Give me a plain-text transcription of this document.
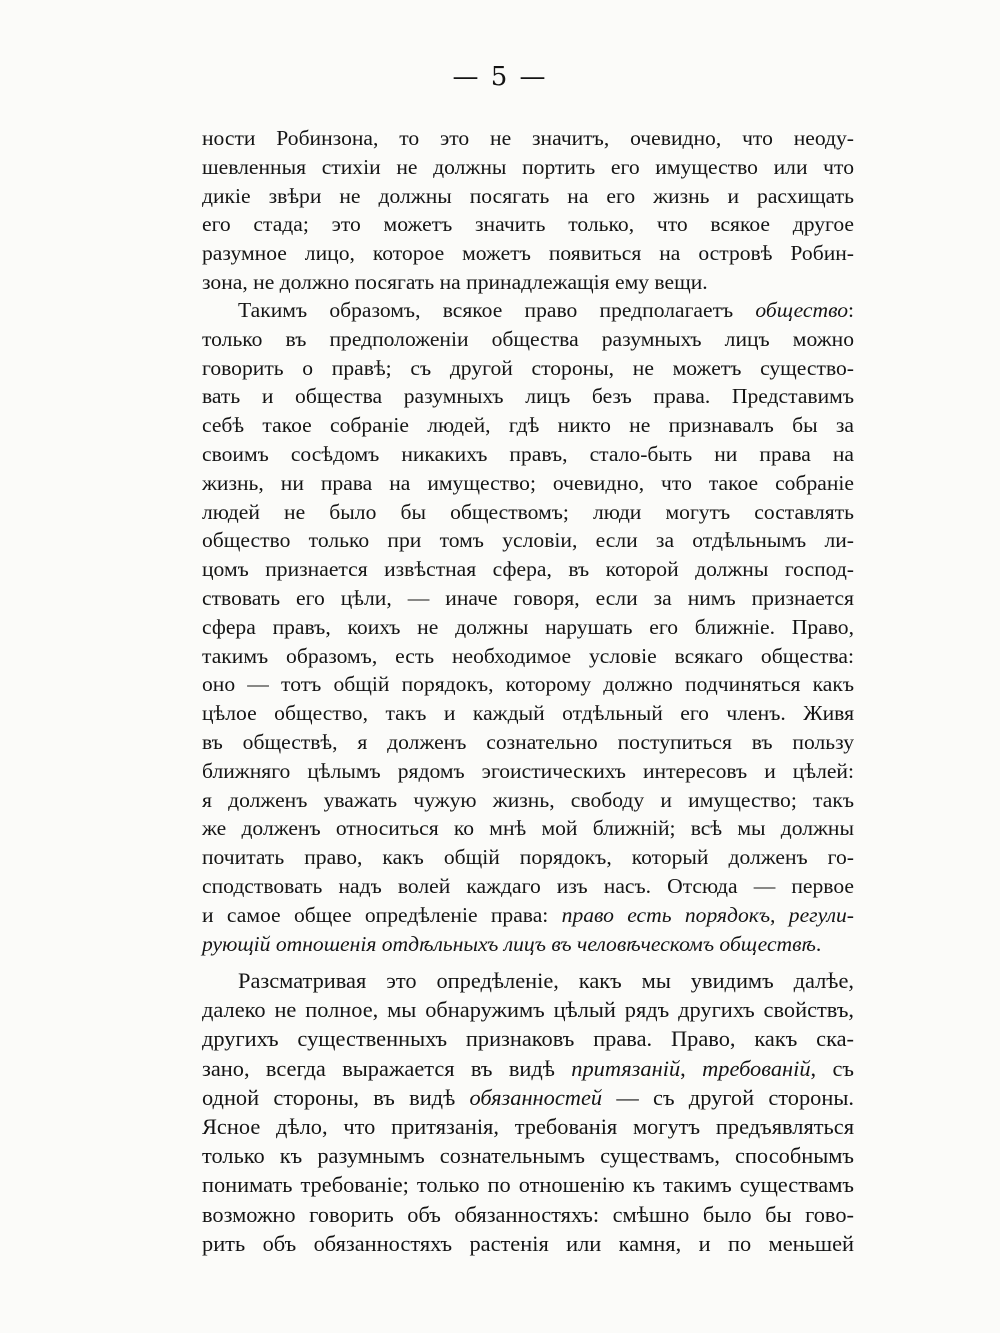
— 5 —
ности Робинзона, то это не значитъ, очевидно, что неоду-
шевленныя стихіи не должны портить его имущество или что
дикіе звѣри не должны посягать на его жизнь и расхищать
его стада; это можетъ значить только, что всякое другое
разумное лицо, которое можетъ появиться на островѣ Робин-
зона, не должно посягать на принадлежащія ему вещи.
Такимъ образомъ, всякое право предполагаетъ общество:
только въ предположеніи общества разумныхъ лицъ можно
говорить о правѣ; съ другой стороны, не можетъ существо-
вать и общества разумныхъ лицъ безъ права. Представимъ
себѣ такое собраніе людей, гдѣ никто не признавалъ бы за
своимъ сосѣдомъ никакихъ правъ, стало-быть ни права на
жизнь, ни права на имущество; очевидно, что такое собраніе
людей не было бы обществомъ; люди могутъ составлять
общество только при томъ условіи, если за отдѣльнымъ ли-
цомъ признается извѣстная сфера, въ которой должны господ-
ствовать его цѣли, — иначе говоря, если за нимъ признается
сфера правъ, коихъ не должны нарушать его ближніе. Право,
такимъ образомъ, есть необходимое условіе всякаго общества:
оно — тотъ общій порядокъ, которому должно подчиняться какъ
цѣлое общество, такъ и каждый отдѣльный его членъ. Живя
въ обществѣ, я долженъ сознательно поступиться въ пользу
ближняго цѣлымъ рядомъ эгоистическихъ интересовъ и цѣлей:
я долженъ уважать чужую жизнь, свободу и имущество; такъ
же долженъ относиться ко мнѣ мой ближній; всѣ мы должны
почитать право, какъ общій порядокъ, который долженъ го-
сподствовать надъ волей каждаго изъ насъ. Отсюда — первое
и самое общее опредѣленіе права: право есть порядокъ, регули-
рующій отношенія отдѣльныхъ лицъ въ человѣческомъ обществѣ.
Разсматривая это опредѣленіе, какъ мы увидимъ далѣе,
далеко не полное, мы обнаружимъ цѣлый рядъ другихъ свойствъ,
другихъ существенныхъ признаковъ права. Право, какъ ска-
зано, всегда выражается въ видѣ притязаній, требованій, съ
одной стороны, въ видѣ обязанностей — съ другой стороны.
Ясное дѣло, что притязанія, требованія могутъ предъявляться
только къ разумнымъ сознательнымъ существамъ, способнымъ
понимать требованіе; только по отношенію къ такимъ существамъ
возможно говорить объ обязанностяхъ: смѣшно было бы гово-
рить объ обязанностяхъ растенія или камня, и по меньшей
